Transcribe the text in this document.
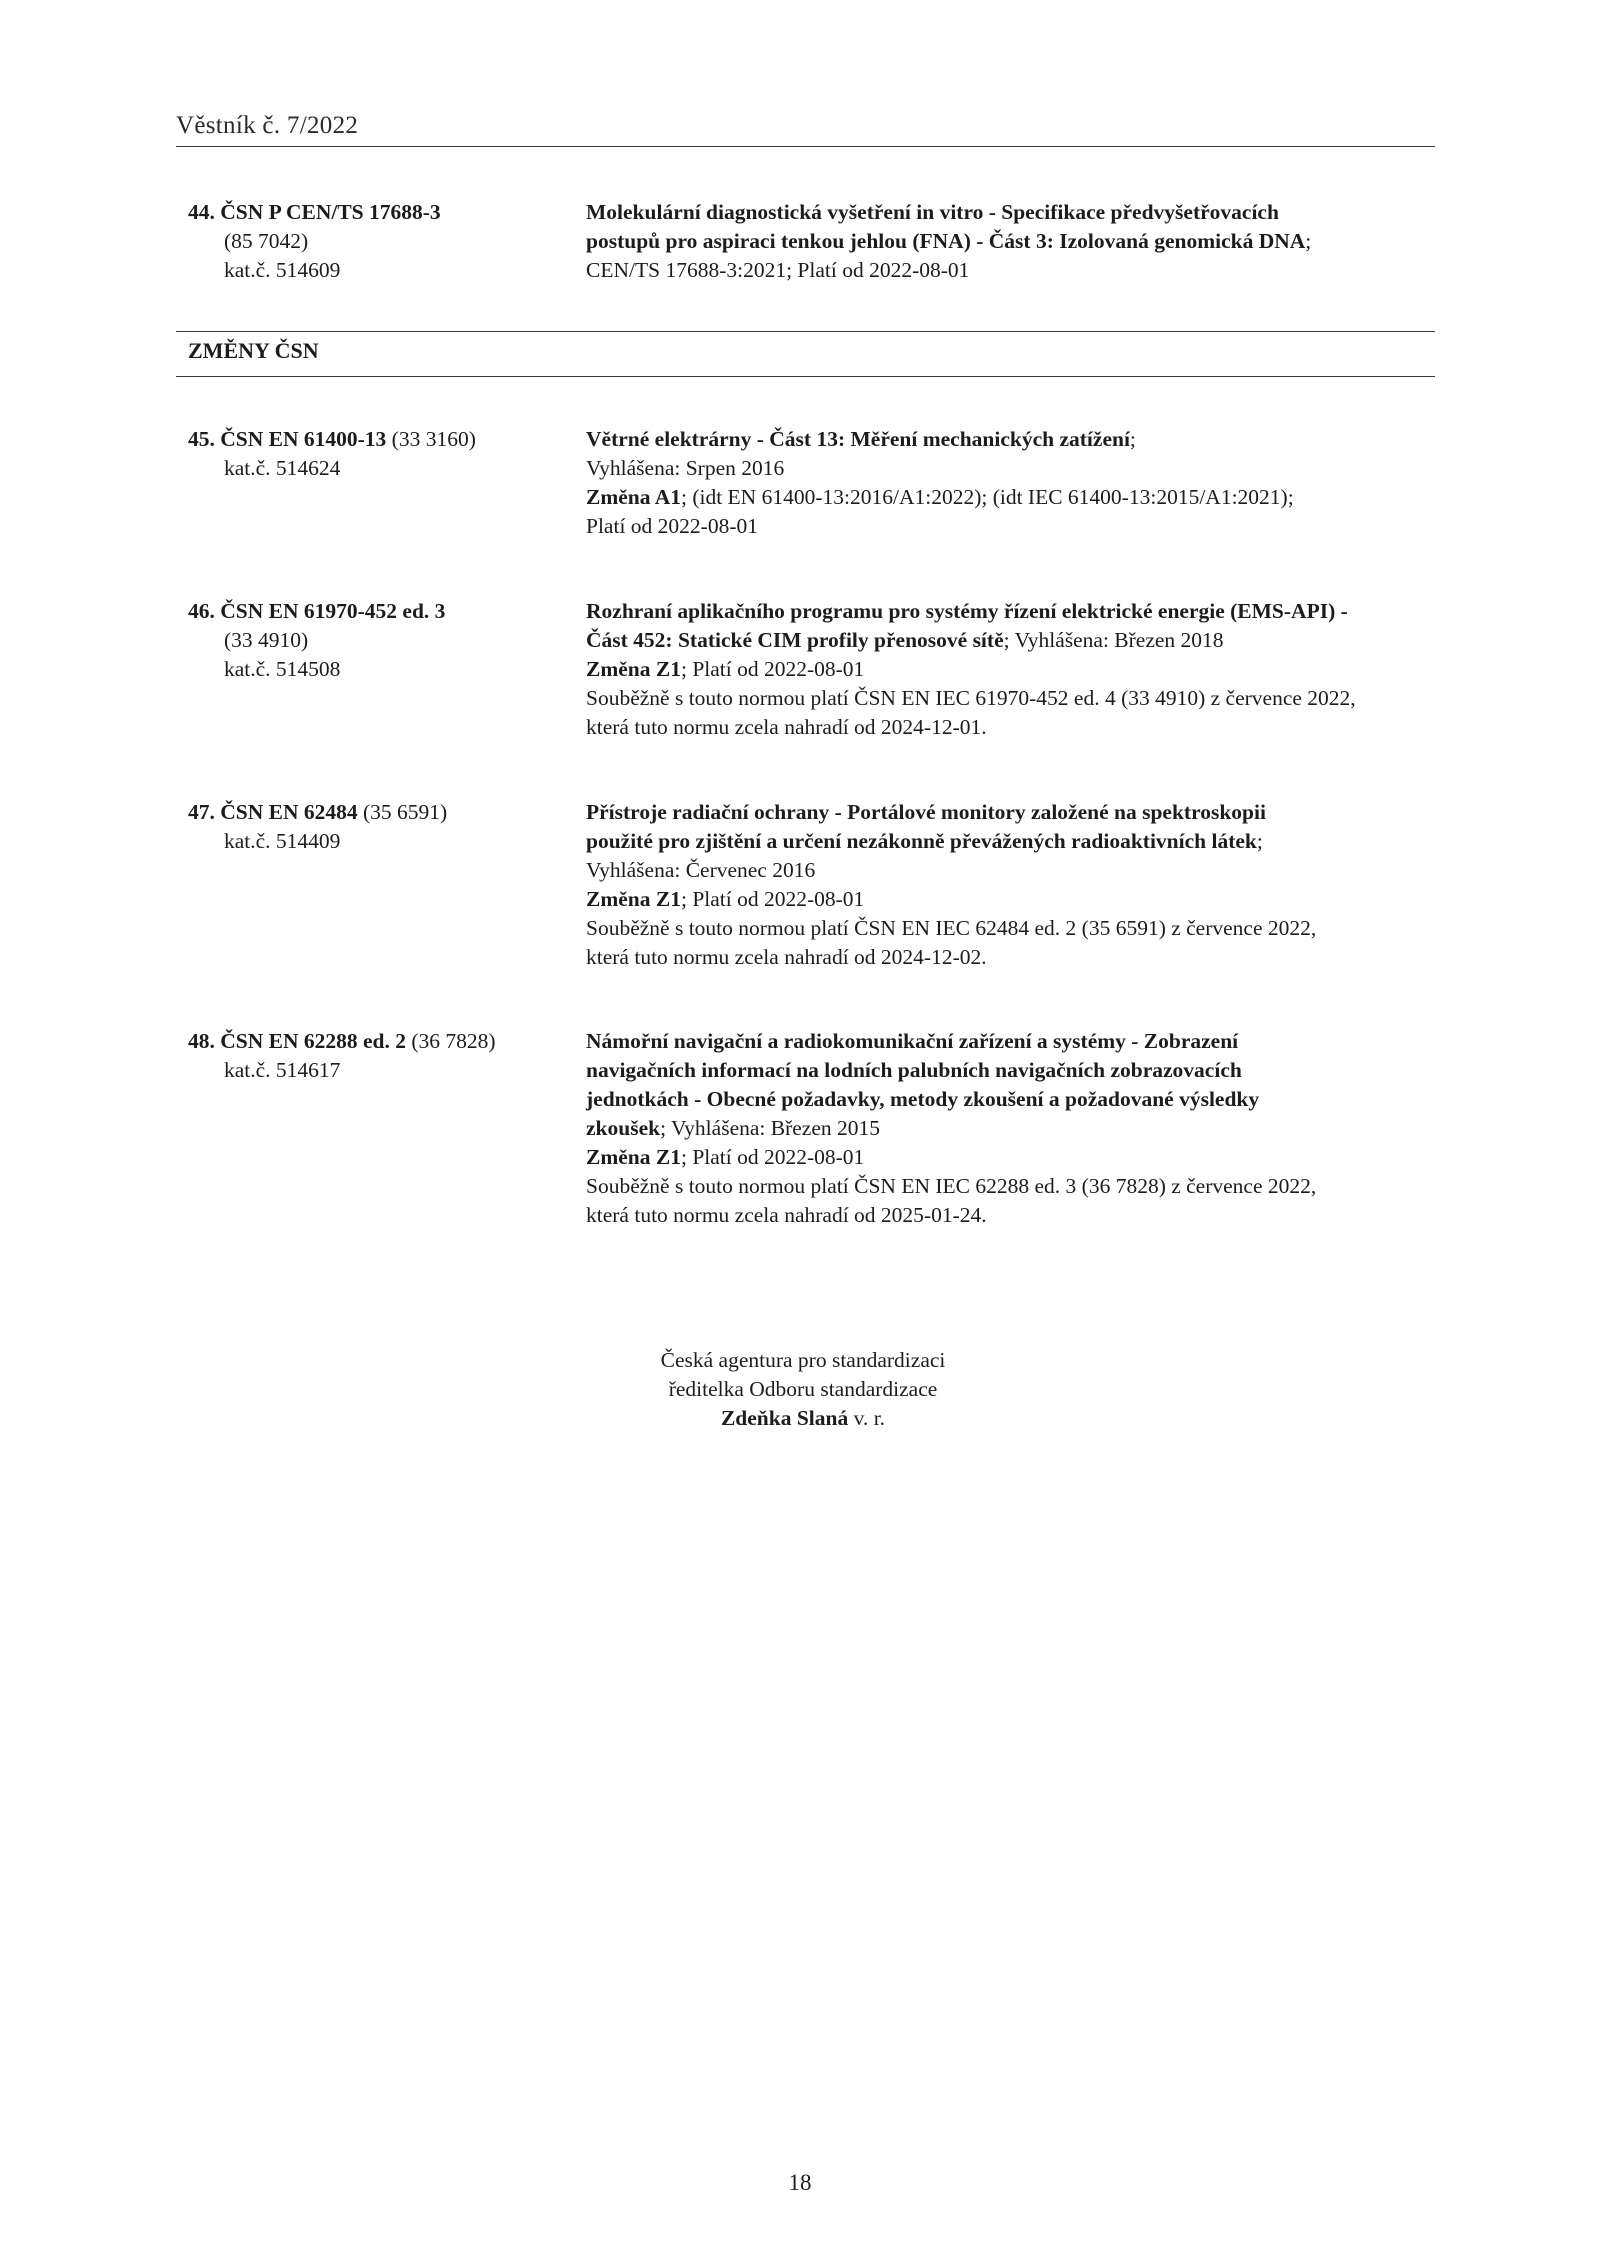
Věstník č. 7/2022
44. ČSN P CEN/TS 17688-3
(85 7042)
kat.č. 514609
Molekulární diagnostická vyšetření in vitro - Specifikace předvyšetřovacích
postupů pro aspiraci tenkou jehlou (FNA) - Část 3: Izolovaná genomická DNA;
CEN/TS 17688-3:2021; Platí od 2022-08-01
ZMĚNY ČSN
45. ČSN EN 61400-13 (33 3160)
kat.č. 514624
Větrné elektrárny - Část 13: Měření mechanických zatížení;
Vyhlášena: Srpen 2016
Změna A1; (idt EN 61400-13:2016/A1:2022); (idt IEC 61400-13:2015/A1:2021);
Platí od 2022-08-01
46. ČSN EN 61970-452 ed. 3
(33 4910)
kat.č. 514508
Rozhraní aplikačního programu pro systémy řízení elektrické energie (EMS-API) -
Část 452: Statické CIM profily přenosové sítě; Vyhlášena: Březen 2018
Změna Z1; Platí od 2022-08-01
Souběžně s touto normou platí ČSN EN IEC 61970-452 ed. 4 (33 4910) z července 2022,
která tuto normu zcela nahradí od 2024-12-01.
47. ČSN EN 62484 (35 6591)
kat.č. 514409
Přístroje radiační ochrany - Portálové monitory založené na spektroskopii
použité pro zjištění a určení nezákonně převážených radioaktivních látek;
Vyhlášena: Červenec 2016
Změna Z1; Platí od 2022-08-01
Souběžně s touto normou platí ČSN EN IEC 62484 ed. 2 (35 6591) z července 2022,
která tuto normu zcela nahradí od 2024-12-02.
48. ČSN EN 62288 ed. 2 (36 7828)
kat.č. 514617
Námořní navigační a radiokomunikační zařízení a systémy - Zobrazení
navigačních informací na lodních palubních navigačních zobrazovacích
jednotkách - Obecné požadavky, metody zkoušení a požadované výsledky
zkoušek; Vyhlášena: Březen 2015
Změna Z1; Platí od 2022-08-01
Souběžně s touto normou platí ČSN EN IEC 62288 ed. 3 (36 7828) z července 2022,
která tuto normu zcela nahradí od 2025-01-24.
Česká agentura pro standardizaci
ředitelka Odboru standardizace
Zdeňka Slaná v. r.
18
